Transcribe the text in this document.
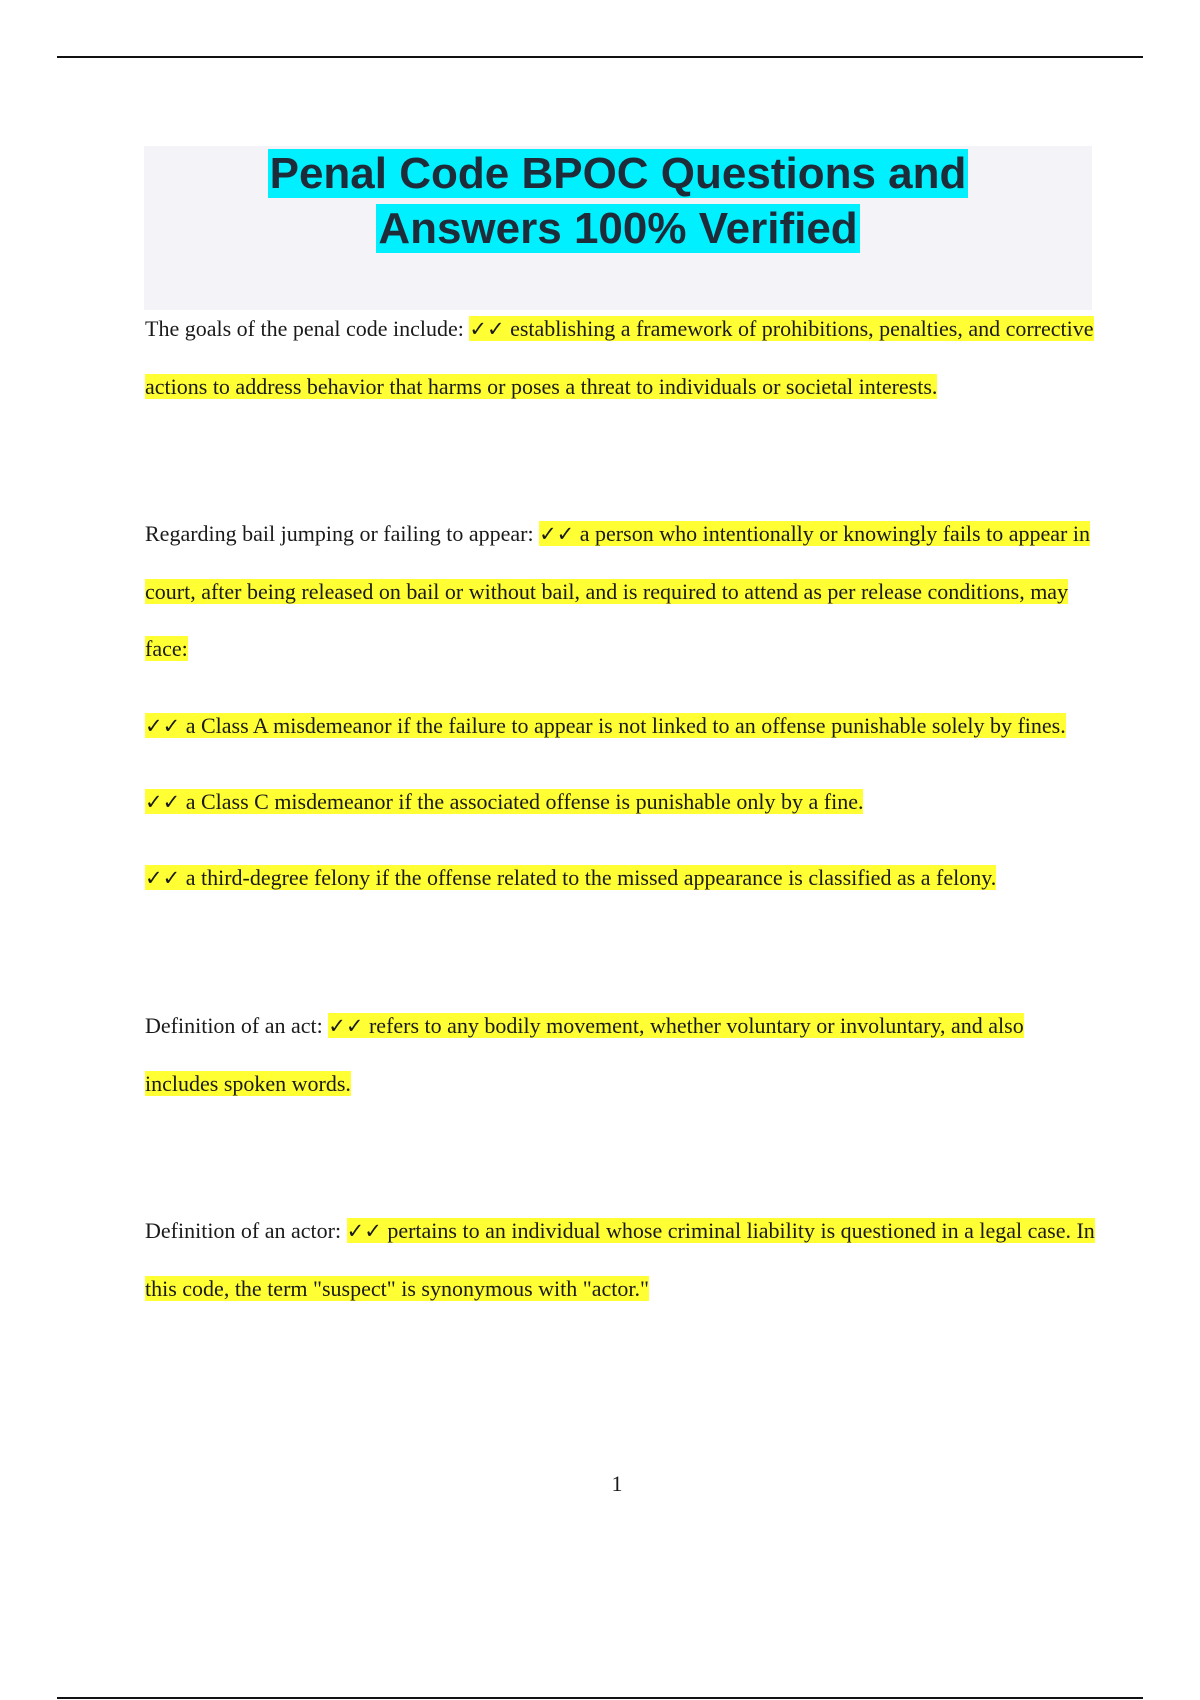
Penal Code BPOC Questions and
Answers 100% Verified

The goals of the penal code include: ✓✓ establishing a framework of prohibitions, penalties, and corrective actions to address behavior that harms or poses a threat to individuals or societal interests.

Regarding bail jumping or failing to appear: ✓✓ a person who intentionally or knowingly fails to appear in court, after being released on bail or without bail, and is required to attend as per release conditions, may face:

✓✓ a Class A misdemeanor if the failure to appear is not linked to an offense punishable solely by fines.

✓✓ a Class C misdemeanor if the associated offense is punishable only by a fine.

✓✓ a third-degree felony if the offense related to the missed appearance is classified as a felony.

Definition of an act: ✓✓ refers to any bodily movement, whether voluntary or involuntary, and also includes spoken words.

Definition of an actor: ✓✓ pertains to an individual whose criminal liability is questioned in a legal case. In this code, the term "suspect" is synonymous with "actor."

1
